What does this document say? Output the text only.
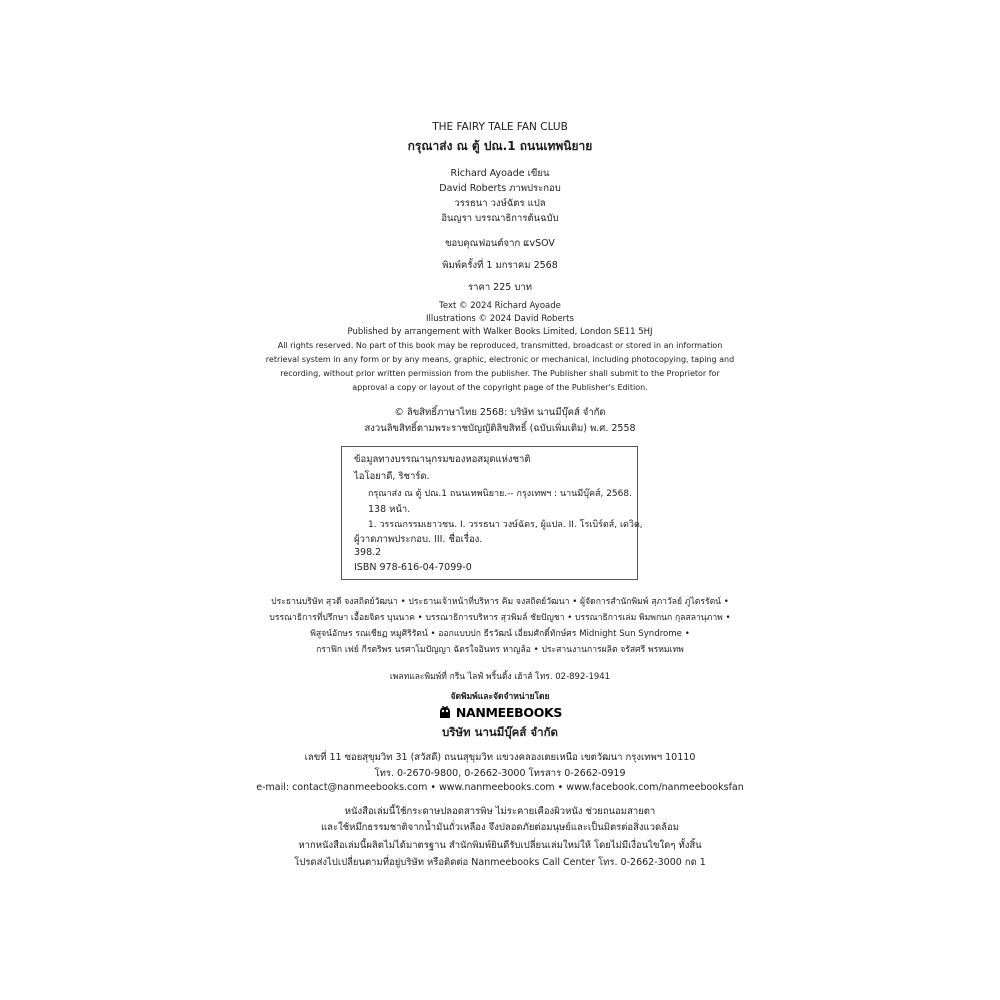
THE FAIRY TALE FAN CLUB
กรุณาส่ง ณ ตู้ ปณ.1 ถนนเทพนิยาย
Richard Ayoade เขียน
David Roberts ภาพประกอบ
วรรธนา วงษ์ฉัตร แปล
อินญรา บรรณาธิการต้นฉบับ
ขอบคุณฟอนต์จาก ແvSOV
พิมพ์ครั้งที่ 1 มกราคม 2568
ราคา 225 บาท
Text © 2024 Richard Ayoade
Illustrations © 2024 David Roberts
Published by arrangement with Walker Books Limited, London SE11 5HJ
All rights reserved. No part of this book may be reproduced, transmitted, broadcast or stored in an information
retrieval system in any form or by any means, graphic, electronic or mechanical, including photocopying, taping and
recording, without prior written permission from the publisher. The Publisher shall submit to the Proprietor for
approval a copy or layout of the copyright page of the Publisher's Edition.
© ลิขสิทธิ์ภาษาไทย 2568: บริษัท นานมีบุ๊คส์ จำกัด
สงวนลิขสิทธิ์ตามพระราชบัญญัติลิขสิทธิ์ (ฉบับเพิ่มเติม) พ.ศ. 2558
ข้อมูลทางบรรณานุกรมของหอสมุดแห่งชาติ
ไอโอยาดี, ริชาร์ด.
กรุณาส่ง ณ ตู้ ปณ.1 ถนนเทพนิยาย.-- กรุงเทพฯ : นานมีบุ๊คส์, 2568.
138 หน้า.
1. วรรณกรรมเยาวชน. I. วรรธนา วงษ์ฉัตร, ผู้แปล. II. โรเบิร์ตส์, เดวิด,
ผู้วาดภาพประกอบ. III. ชื่อเรื่อง.
398.2
ISBN 978-616-04-7099-0
ประธานบริษัท สุวดี จงสถิตย์วัฒนา • ประธานเจ้าหน้าที่บริหาร คิม จงสถิตย์วัฒนา • ผู้จัดการสำนักพิมพ์ สุภาวัลย์ ภู่ไตรรัตน์ •
บรรณาธิการที่ปรึกษา เอื้อยจิตร บุนนาค • บรรณาธิการบริหาร สุวพิมล์ ชัยปัญชา • บรรณาธิการเล่ม พิมพกนก กุลสลานุภาพ •
พิสูจน์อักษร รณเชียฏ หมูศิริรัตน์ • ออกแบบปก ธีรวัฒน์ เอี่ยมศักดิ์ทักษ์ศร Midnight Sun Syndrome •
กราฟิก เฟย์ กีรตริพร นรศาโมปัญญา ฉัตรใจอินทร หาญล้อ • ประสานงานการผลิต จรัสศรี พรหมเทพ
เพลทและพิมพ์ที่ กรีน ไลฟ์ พริ้นติ้ง เฮ้าส์ โทร. 02-892-1941
จัดพิมพ์และจัดจำหน่ายโดย
NANMEEBOOKS
บริษัท นานมีบุ๊คส์ จำกัด
เลขที่ 11 ซอยสุขุมวิท 31 (สวัสดี) ถนนสุขุมวิท แขวงคลองเตยเหนือ เขตวัฒนา กรุงเทพฯ 10110
โทร. 0-2670-9800, 0-2662-3000 โทรสาร 0-2662-0919
e-mail: contact@nanmeebooks.com • www.nanmeebooks.com • www.facebook.com/nanmeebooksfan
หนังสือเล่มนี้ใช้กระดาษปลอดสารพิษ ไม่ระคายเคืองผิวหนัง ช่วยถนอมสายตา
และใช้หมึกธรรมชาติจากน้ำมันถั่วเหลือง จึงปลอดภัยต่อมนุษย์และเป็นมิตรต่อสิ่งแวดล้อม
หากหนังสือเล่มนี้ผลิตไม่ได้มาตรฐาน สำนักพิมพ์ยินดีรับเปลี่ยนเล่มใหม่ให้ โดยไม่มีเงื่อนไขใดๆ ทั้งสิ้น
โปรดส่งไปเปลี่ยนตามที่อยู่บริษัท หรือติดต่อ Nanmeebooks Call Center โทร. 0-2662-3000 กด 1
